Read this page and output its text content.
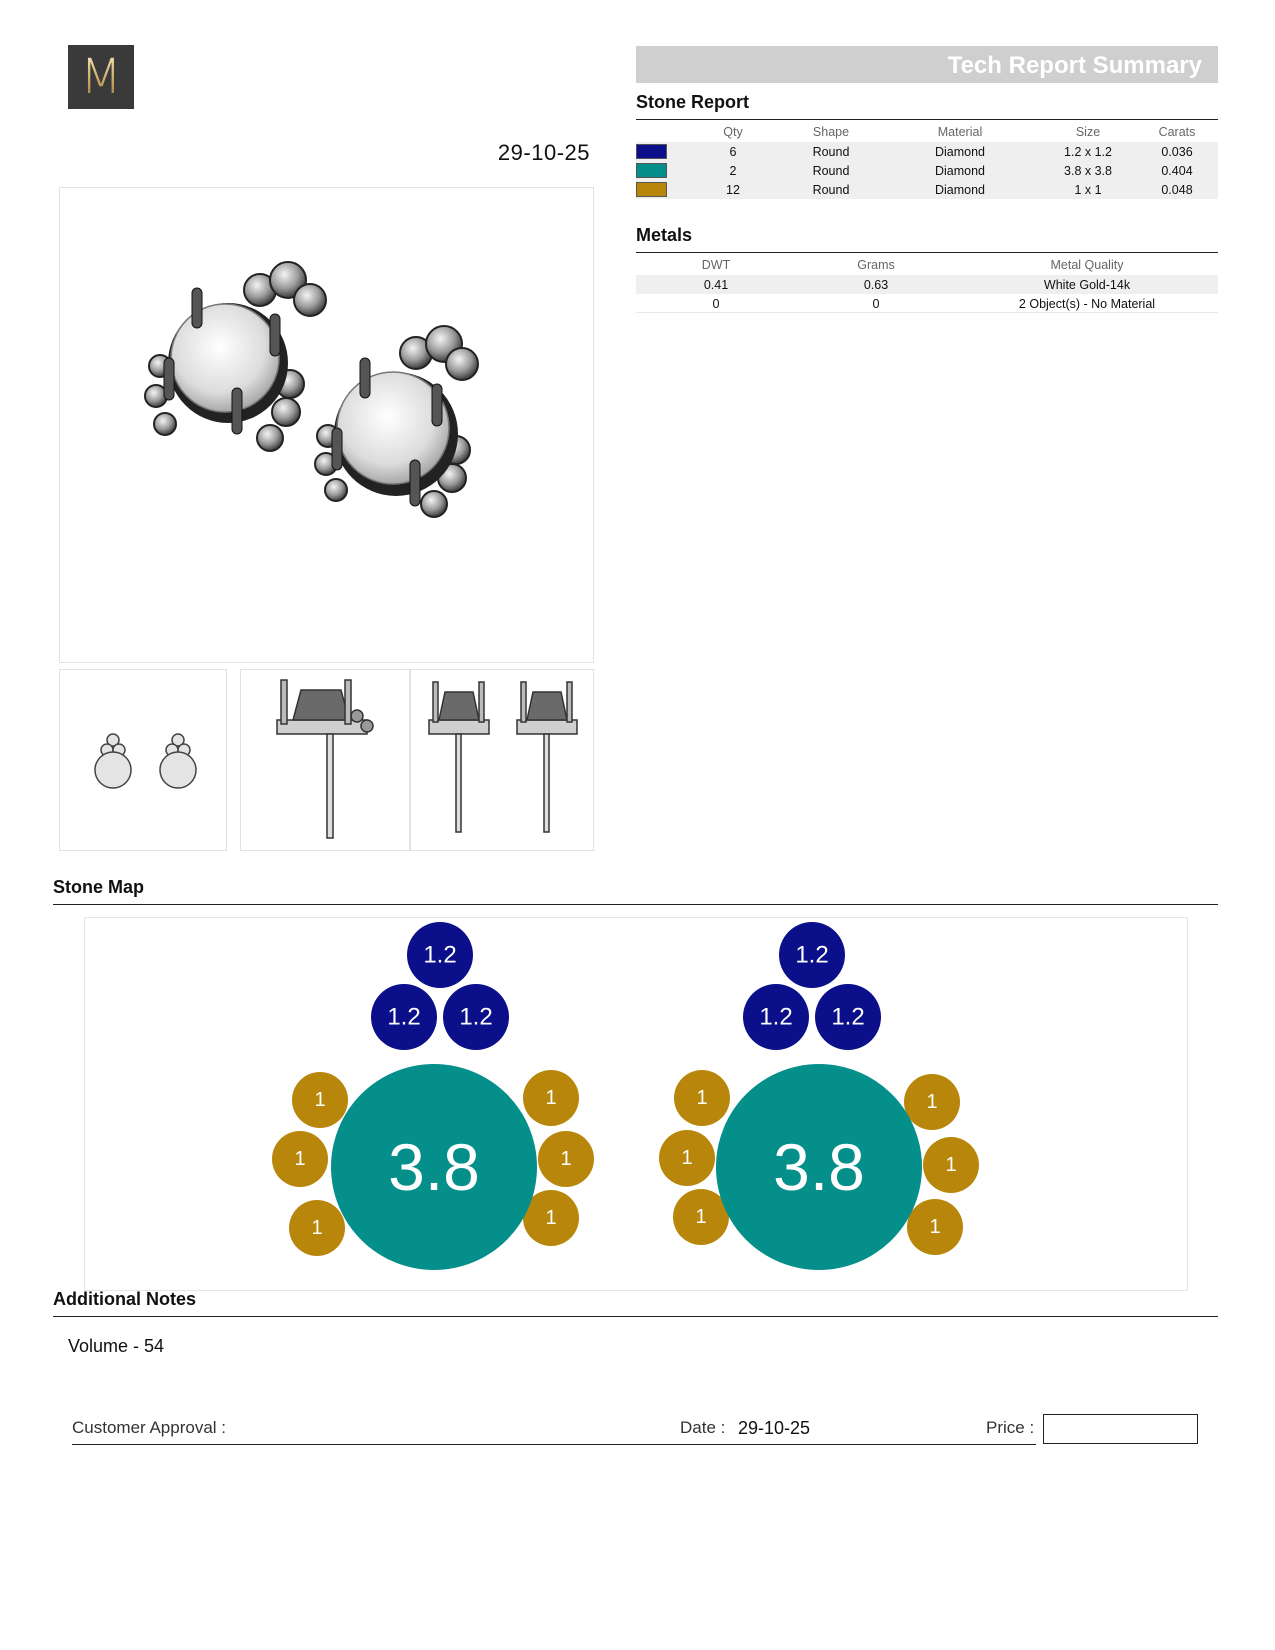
M
29-10-25
Tech Report Summary
Stone Report
	Qty	Shape	Material	Size	Carats

	6	Round	Diamond	1.2 x 1.2	0.036

	2	Round	Diamond	3.8 x 3.8	0.404

	12	Round	Diamond	1 x 1	0.048
Metals
DWT	Grams	Metal Quality
0.41	0.63	White Gold-14k
0	0	2 Object(s) - No Material
Stone Map
1
1
1
1
1
1
3.8
1.2
1.2 1.2
1
1
1
1
1
1
3.8
1.2
1.2 1.2
Additional Notes
Volume - 54
Customer Approval :	Date : 29-10-25	Price :
